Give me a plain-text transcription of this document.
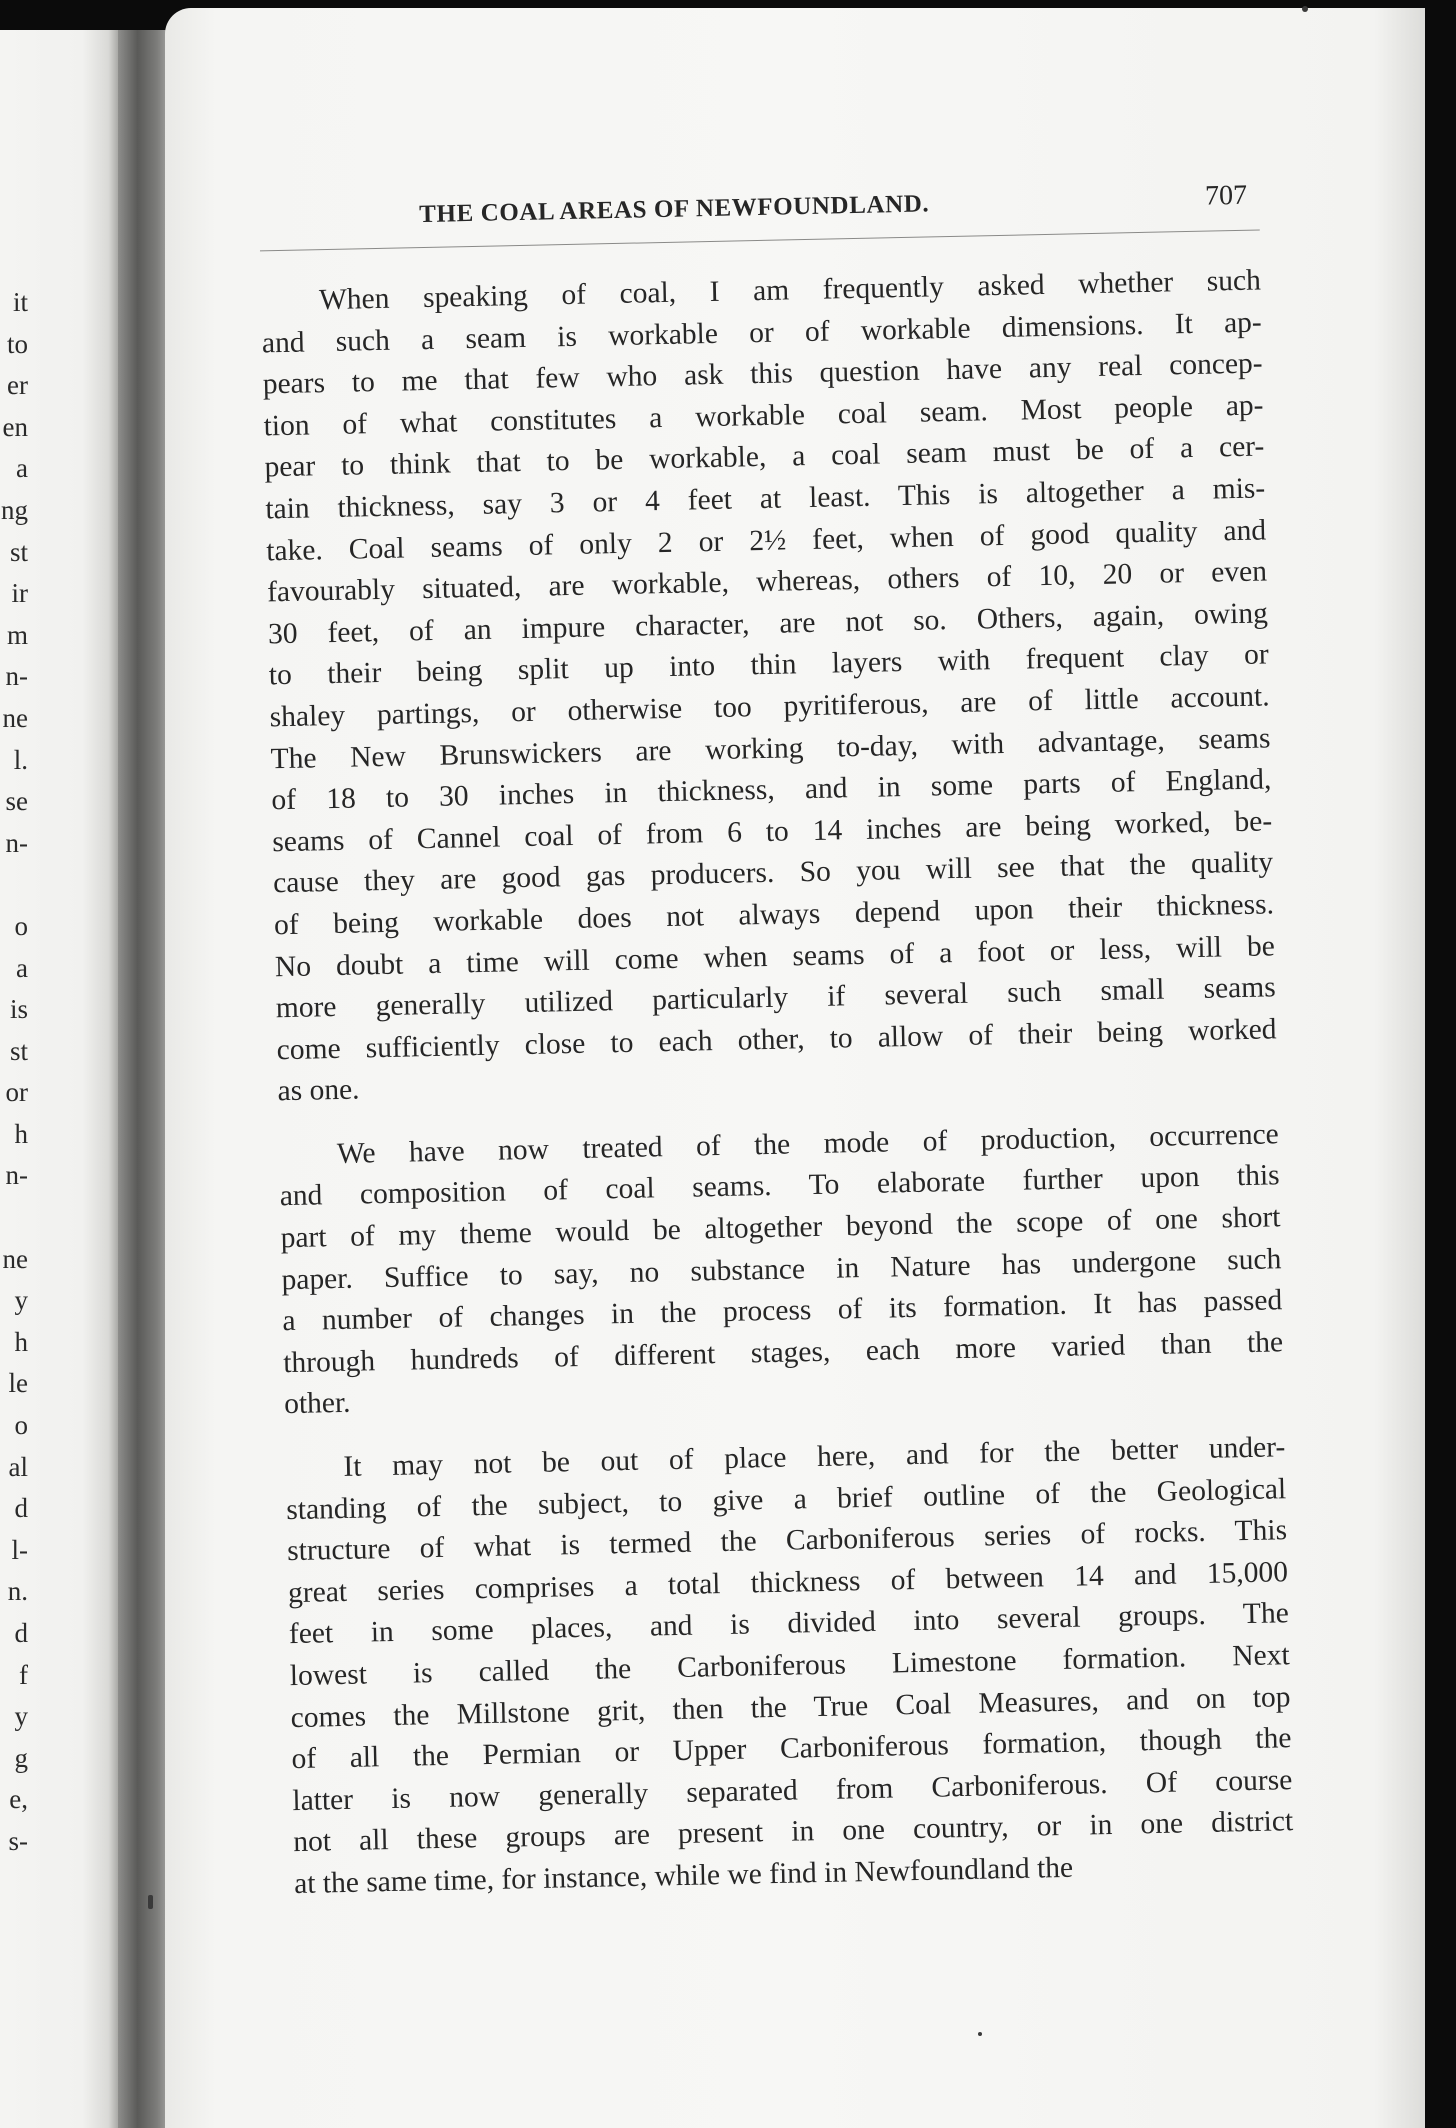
it
to
er
en
a
ng
st
ir
m
n-
ne
l.
se
n-
o
a
is
st
or
h
n-
ne
y
h
le
o
al
d
l-
n.
d
f
y
g
e,
s-
THE COAL AREAS OF NEWFOUNDLAND.	707

When speaking of coal, I am frequently asked whether such
and such a seam is workable or of workable dimensions. It ap-
pears to me that few who ask this question have any real concep-
tion of what constitutes a workable coal seam. Most people ap-
pear to think that to be workable, a coal seam must be of a cer-
tain thickness, say 3 or 4 feet at least. This is altogether a mis-
take. Coal seams of only 2 or 2½ feet, when of good quality and
favourably situated, are workable, whereas, others of 10, 20 or even
30 feet, of an impure character, are not so. Others, again, owing
to their being split up into thin layers with frequent clay or
shaley partings, or otherwise too pyritiferous, are of little account.
The New Brunswickers are working to-day, with advantage, seams
of 18 to 30 inches in thickness, and in some parts of England,
seams of Cannel coal of from 6 to 14 inches are being worked, be-
cause they are good gas producers. So you will see that the quality
of being workable does not always depend upon their thickness.
No doubt a time will come when seams of a foot or less, will be
more generally utilized particularly if several such small seams
come sufficiently close to each other, to allow of their being worked
as one.

We have now treated of the mode of production, occurrence
and composition of coal seams. To elaborate further upon this
part of my theme would be altogether beyond the scope of one short
paper. Suffice to say, no substance in Nature has undergone such
a number of changes in the process of its formation. It has passed
through hundreds of different stages, each more varied than the
other.

It may not be out of place here, and for the better under-
standing of the subject, to give a brief outline of the Geological
structure of what is termed the Carboniferous series of rocks. This
great series comprises a total thickness of between 14 and 15,000
feet in some places, and is divided into several groups. The
lowest is called the Carboniferous Limestone formation. Next
comes the Millstone grit, then the True Coal Measures, and on top
of all the Permian or Upper Carboniferous formation, though the
latter is now generally separated from Carboniferous. Of course
not all these groups are present in one country, or in one district
at the same time, for instance, while we find in Newfoundland the
